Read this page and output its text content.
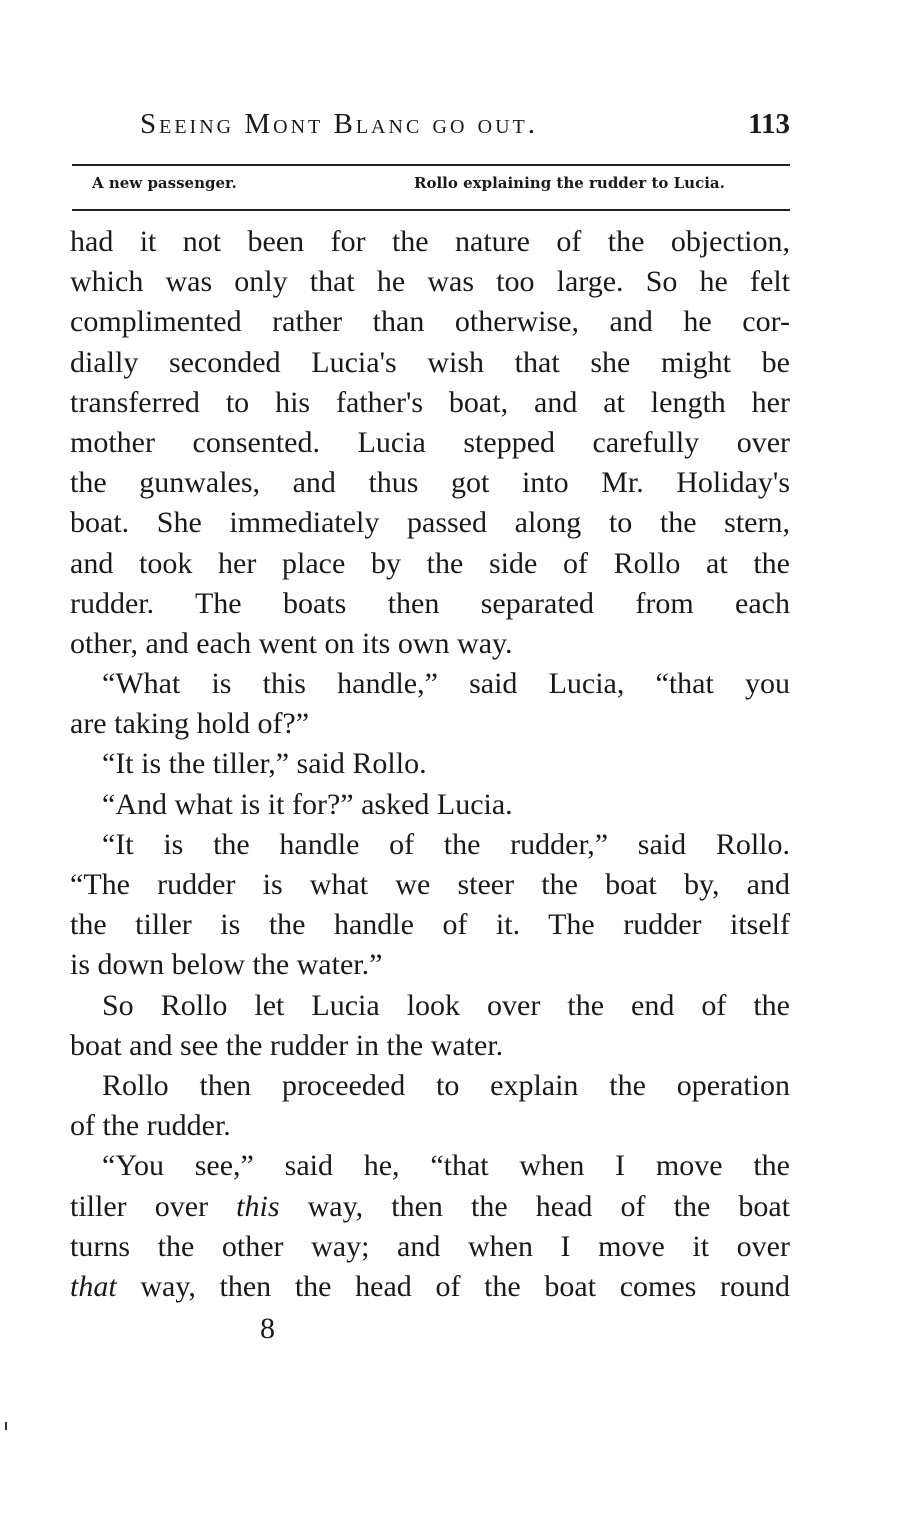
Seeing Mont Blanc go out.	113
A new passenger.	Rollo explaining the rudder to Lucia.
had it not been for the nature of the objection,
which was only that he was too large. So he felt
complimented rather than otherwise, and he cor-
dially seconded Lucia's wish that she might be
transferred to his father's boat, and at length her
mother consented. Lucia stepped carefully over
the gunwales, and thus got into Mr. Holiday's
boat. She immediately passed along to the stern,
and took her place by the side of Rollo at the
rudder. The boats then separated from each
other, and each went on its own way.
“What is this handle,” said Lucia, “that you
are taking hold of?”
“It is the tiller,” said Rollo.
“And what is it for?” asked Lucia.
“It is the handle of the rudder,” said Rollo.
“The rudder is what we steer the boat by, and
the tiller is the handle of it. The rudder itself
is down below the water.”
So Rollo let Lucia look over the end of the
boat and see the rudder in the water.
Rollo then proceeded to explain the operation
of the rudder.
“You see,” said he, “that when I move the
tiller over this way, then the head of the boat
turns the other way; and when I move it over
that way, then the head of the boat comes round
8
